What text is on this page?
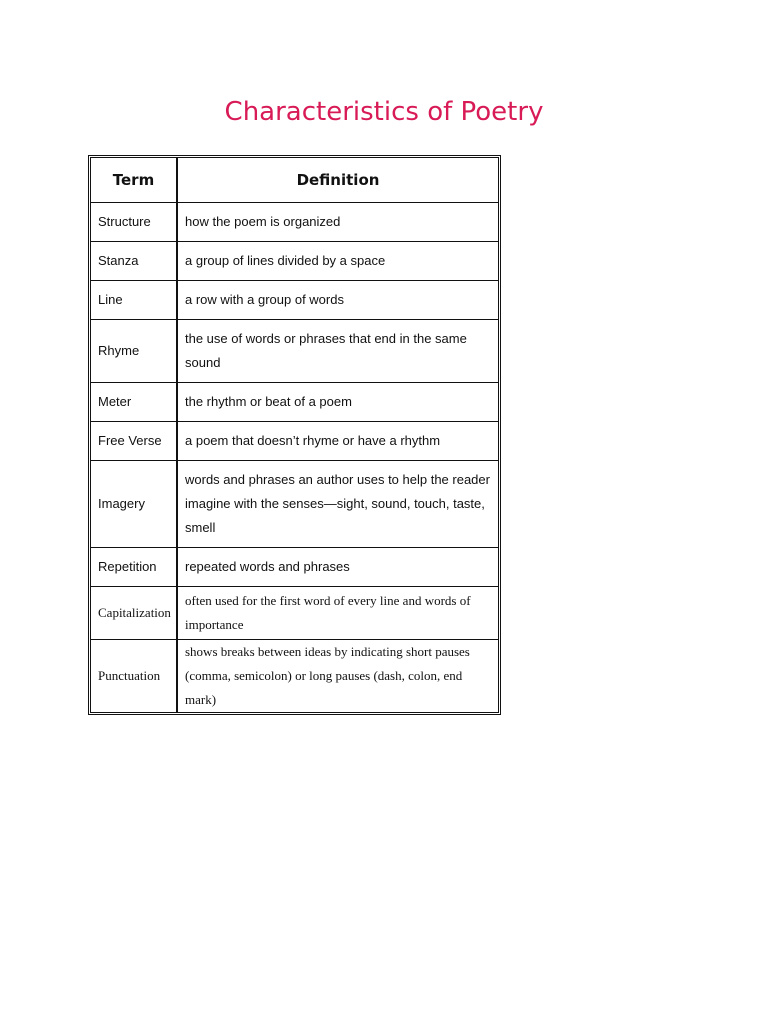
Characteristics of Poetry
Term	Definition
Structure	how the poem is organized
Stanza	a group of lines divided by a space
Line	a row with a group of words
Rhyme	the use of words or phrases that end in the same sound
Meter	the rhythm or beat of a poem
Free Verse	a poem that doesn’t rhyme or have a rhythm
Imagery	words and phrases an author uses to help the reader imagine with the senses—sight, sound, touch, taste, smell
Repetition	repeated words and phrases
Capitalization	often used for the first word of every line and words of importance
Punctuation	shows breaks between ideas by indicating short pauses (comma, semicolon) or long pauses (dash, colon, end mark)
